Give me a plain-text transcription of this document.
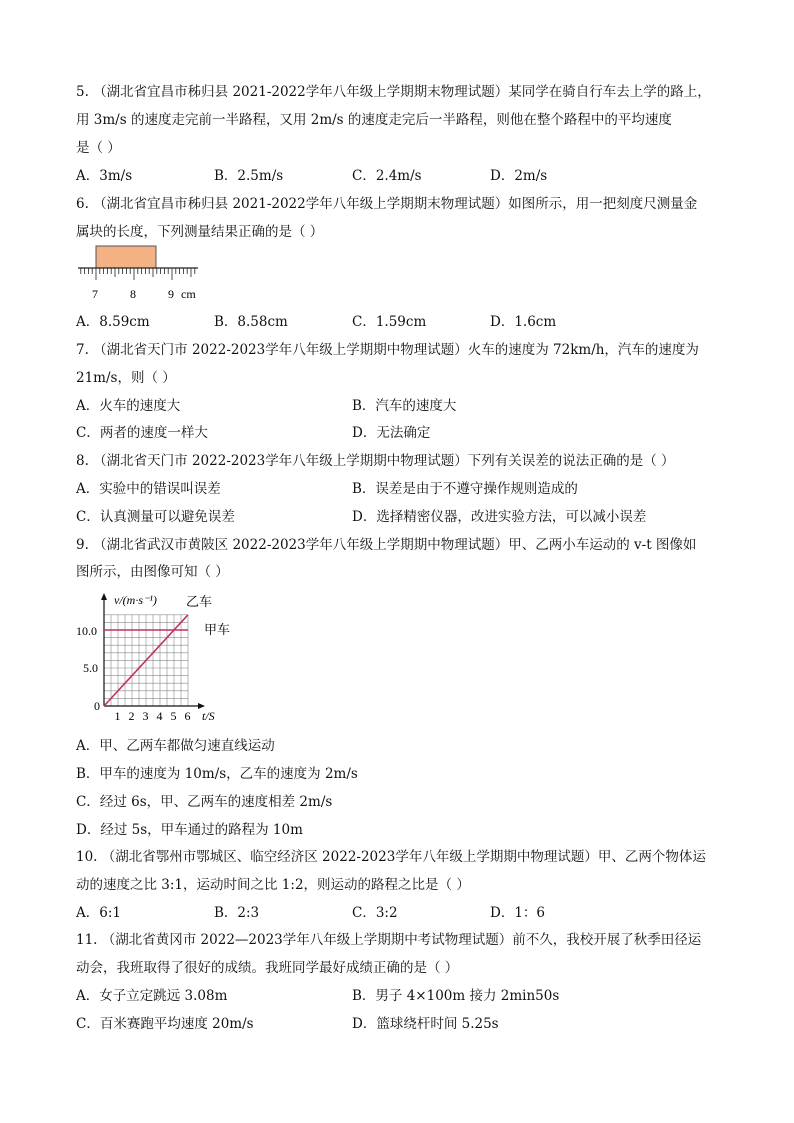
5. （湖北省宜昌市秭归县 2021-2022学年八年级上学期期末物理试题）某同学在骑自行车去上学的路上，
用 3m/s 的速度走完前一半路程，又用 2m/s 的速度走完后一半路程，则他在整个路程中的平均速度
是（ ）
A．3m/s	B．2.5m/s	C．2.4m/s	D．2m/s
6. （湖北省宜昌市秭归县 2021-2022学年八年级上学期期末物理试题）如图所示，用一把刻度尺测量金
属块的长度，下列测量结果正确的是（ ）
7	8	9 cm
A．8.59cm	B．8.58cm	C．1.59cm	D．1.6cm
7. （湖北省天门市 2022-2023学年八年级上学期期中物理试题）火车的速度为 72km/h，汽车的速度为
21m/s，则（ ）
A．火车的速度大	B．汽车的速度大
C．两者的速度一样大	D．无法确定
8. （湖北省天门市 2022-2023学年八年级上学期期中物理试题）下列有关误差的说法正确的是（ ）
A．实验中的错误叫误差	B．误差是由于不遵守操作规则造成的
C．认真测量可以避免误差	D．选择精密仪器，改进实验方法，可以减小误差
9. （湖北省武汉市黄陂区 2022-2023学年八年级上学期期中物理试题）甲、乙两小车运动的 v-t 图像如
图所示，由图像可知（ ）
v/(m·s⁻¹)
10.0
5.0
0
1 2 3 4 5 6 t/S
乙车
甲车
A．甲、乙两车都做匀速直线运动
B．甲车的速度为 10m/s，乙车的速度为 2m/s
C．经过 6s，甲、乙两车的速度相差 2m/s
D．经过 5s，甲车通过的路程为 10m
10. （湖北省鄂州市鄂城区、临空经济区 2022-2023学年八年级上学期期中物理试题）甲、乙两个物体运
动的速度之比 3:1，运动时间之比 1:2，则运动的路程之比是（ ）
A．6:1	B．2:3	C．3:2	D．1：6
11. （湖北省黄冈市 2022—2023学年八年级上学期期中考试物理试题）前不久，我校开展了秋季田径运
动会，我班取得了很好的成绩。我班同学最好成绩正确的是（ ）
A．女子立定跳远 3.08m	B．男子 4×100m 接力 2min50s
C．百米赛跑平均速度 20m/s	D．篮球绕杆时间 5.25s
